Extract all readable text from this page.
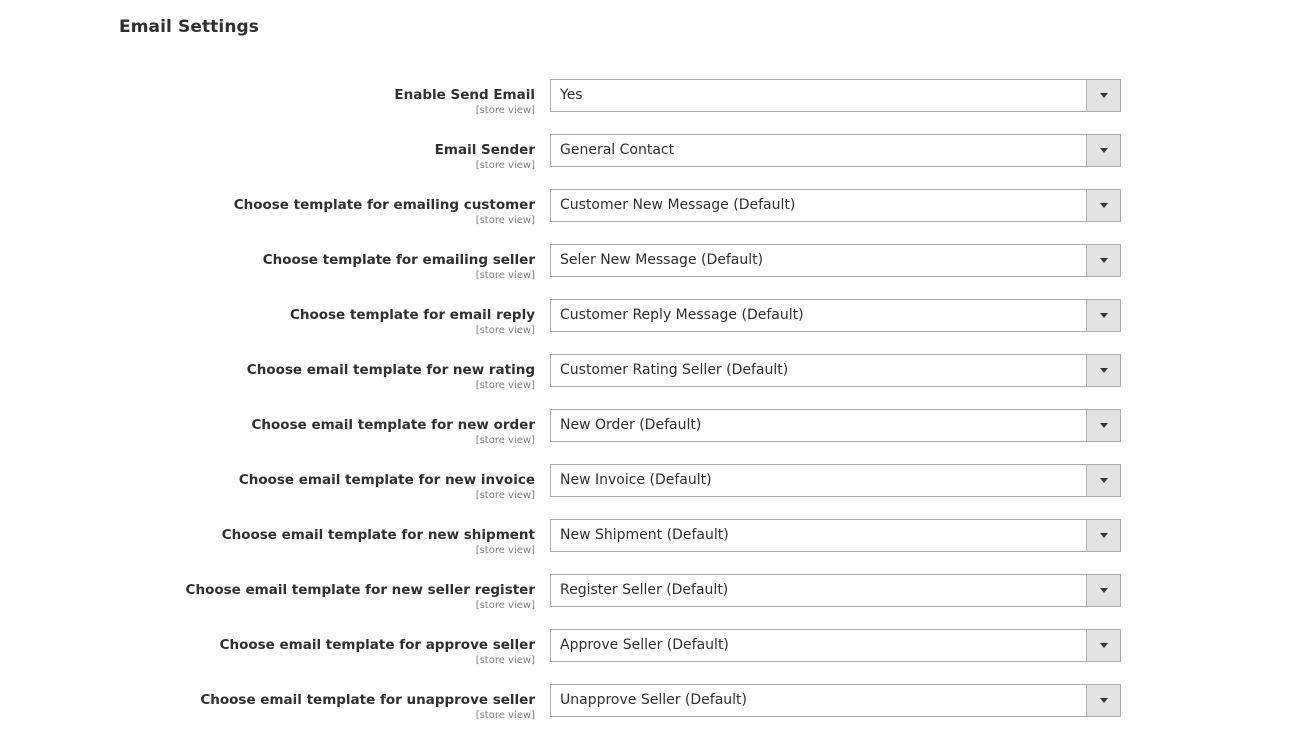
Email Settings
Enable Send Email
[store view]
Yes
Email Sender
[store view]
General Contact
Choose template for emailing customer
[store view]
Customer New Message (Default)
Choose template for emailing seller
[store view]
Seler New Message (Default)
Choose template for email reply
[store view]
Customer Reply Message (Default)
Choose email template for new rating
[store view]
Customer Rating Seller (Default)
Choose email template for new order
[store view]
New Order (Default)
Choose email template for new invoice
[store view]
New Invoice (Default)
Choose email template for new shipment
[store view]
New Shipment (Default)
Choose email template for new seller register
[store view]
Register Seller (Default)
Choose email template for approve seller
[store view]
Approve Seller (Default)
Choose email template for unapprove seller
[store view]
Unapprove Seller (Default)
